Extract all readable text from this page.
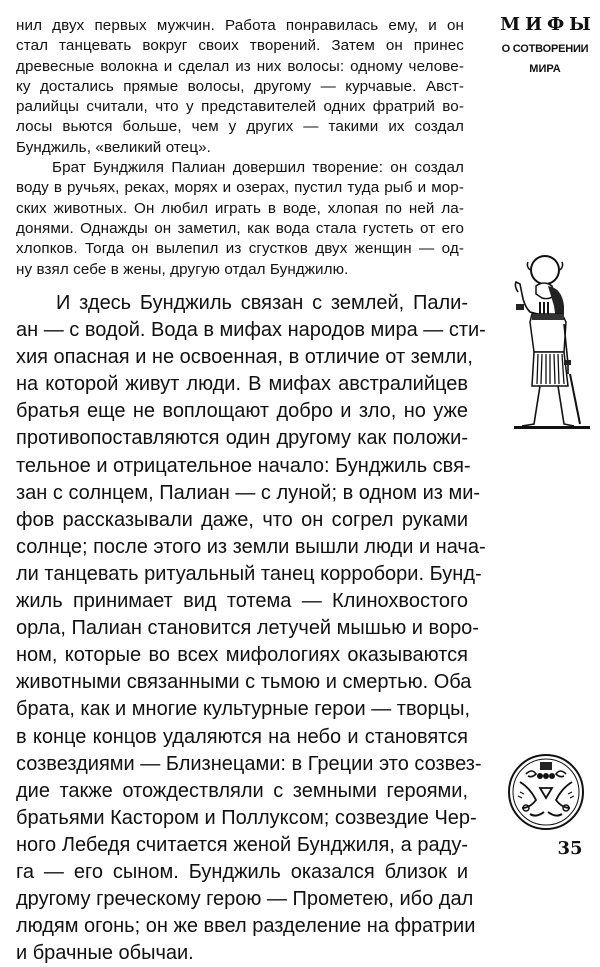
нил двух первых мужчин. Работа понравилась ему, и он
стал танцевать вокруг своих творений. Затем он принес
древесные волокна и сделал из них волосы: одному челове-
ку достались прямые волосы, другому — курчавые. Авст-
ралийцы считали, что у представителей одних фратрий во-
лосы вьются больше, чем у других — такими их создал
Бунджиль, «великий отец».

Брат Бунджиля Палиан довершил творение: он создал
воду в ручьях, реках, морях и озерах, пустил туда рыб и мор-
ских животных. Он любил играть в воде, хлопая по ней ла-
донями. Однажды он заметил, как вода стала густеть от его
хлопков. Тогда он вылепил из сгустков двух женщин — од-
ну взял себе в жены, другую отдал Бунджилю.

И здесь Бунджиль связан с землей, Пали-
ан — с водой. Вода в мифах народов мира — сти-
хия опасная и не освоенная, в отличие от земли,
на которой живут люди. В мифах австралийцев
братья еще не воплощают добро и зло, но уже
противопоставляются один другому как положи-
тельное и отрицательное начало: Бунджиль свя-
зан с солнцем, Палиан — с луной; в одном из ми-
фов рассказывали даже, что он согрел руками
солнце; после этого из земли вышли люди и нача-
ли танцевать ритуальный танец корробори. Бунд-
жиль принимает вид тотема — Клинохвостого
орла, Палиан становится летучей мышью и воро-
ном, которые во всех мифологиях оказываются
животными связанными с тьмою и смертью. Оба
брата, как и многие культурные герои — творцы,
в конце концов удаляются на небо и становятся
созвездиями — Близнецами: в Греции это созвез-
дие также отождествляли с земными героями,
братьями Кастором и Поллуксом; созвездие Чер-
ного Лебедя считается женой Бунджиля, а раду-
га — его сыном. Бунджиль оказался близок и
другому греческому герою — Прометею, ибо дал
людям огонь; он же ввел разделение на фратрии
и брачные обычаи.
МИФЫ
О СОТВОРЕНИИ
МИРА
35
